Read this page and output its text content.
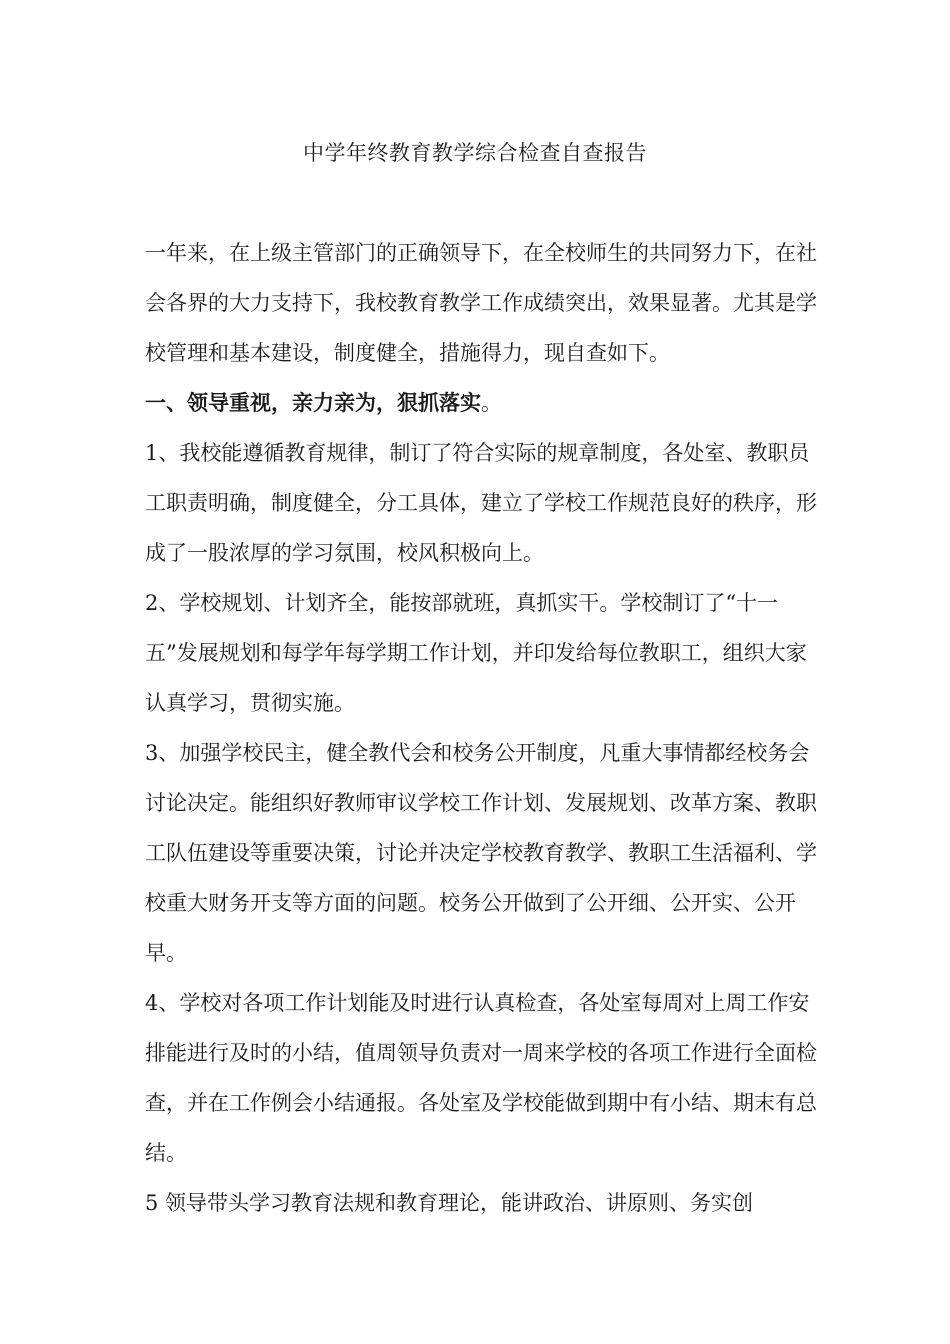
中学年终教育教学综合检查自查报告

一年来，在上级主管部门的正确领导下，在全校师生的共同努力下，在社会各界的大力支持下，我校教育教学工作成绩突出，效果显著。尤其是学校管理和基本建设，制度健全，措施得力，现自查如下。

一、领导重视，亲力亲为，狠抓落实。

1、我校能遵循教育规律，制订了符合实际的规章制度，各处室、教职员工职责明确，制度健全，分工具体，建立了学校工作规范良好的秩序，形成了一股浓厚的学习氛围，校风积极向上。

2、学校规划、计划齐全，能按部就班，真抓实干。学校制订了“十一五”发展规划和每学年每学期工作计划，并印发给每位教职工，组织大家认真学习，贯彻实施。

3、加强学校民主，健全教代会和校务公开制度，凡重大事情都经校务会讨论决定。能组织好教师审议学校工作计划、发展规划、改革方案、教职工队伍建设等重要决策，讨论并决定学校教育教学、教职工生活福利、学校重大财务开支等方面的问题。校务公开做到了公开细、公开实、公开早。

4、学校对各项工作计划能及时进行认真检查，各处室每周对上周工作安排能进行及时的小结，值周领导负责对一周来学校的各项工作进行全面检查，并在工作例会小结通报。各处室及学校能做到期中有小结、期末有总结。

5 领导带头学习教育法规和教育理论，能讲政治、讲原则、务实创
